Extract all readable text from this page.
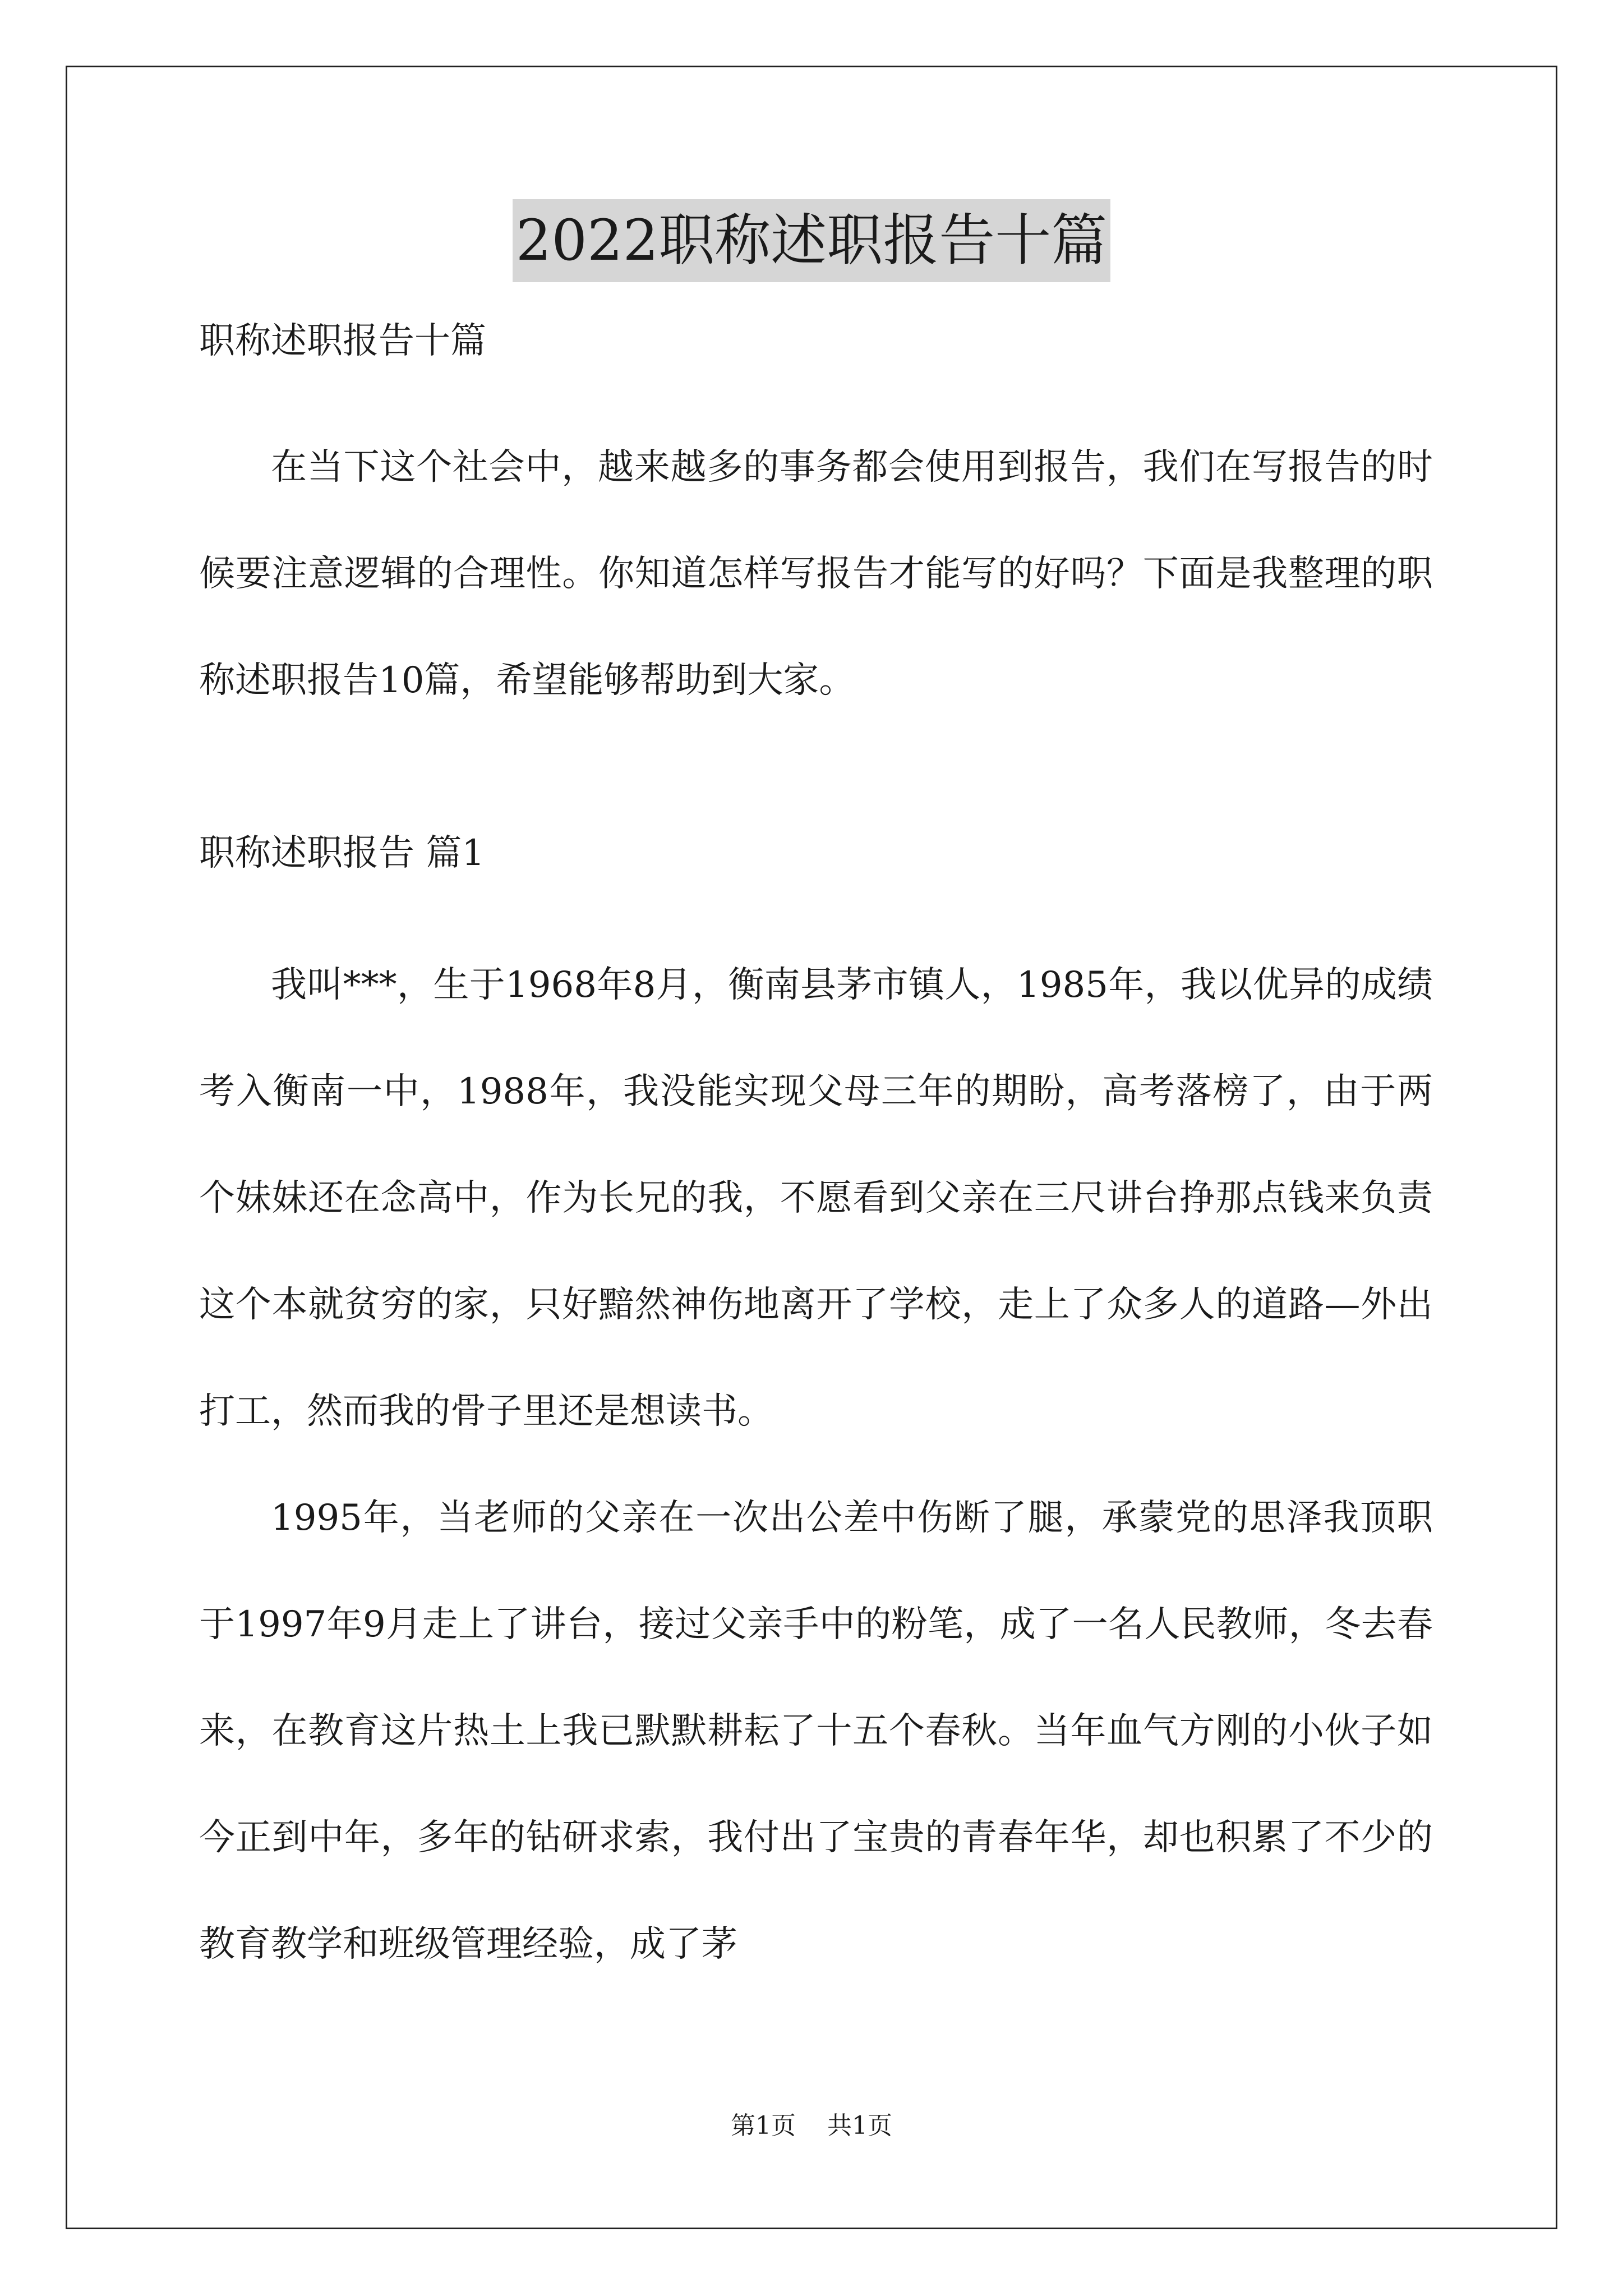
2022职称述职报告十篇

职称述职报告十篇

在当下这个社会中，越来越多的事务都会使用到报告，我们在写报告的时候要注意逻辑的合理性。你知道怎样写报告才能写的好吗？下面是我整理的职称述职报告10篇，希望能够帮助到大家。

职称述职报告 篇1

我叫***，生于1968年8月，衡南县茅市镇人，1985年，我以优异的成绩考入衡南一中，1988年，我没能实现父母三年的期盼，高考落榜了，由于两个妹妹还在念高中，作为长兄的我，不愿看到父亲在三尺讲台挣那点钱来负责这个本就贫穷的家，只好黯然神伤地离开了学校，走上了众多人的道路—外出打工，然而我的骨子里还是想读书。

1995年，当老师的父亲在一次出公差中伤断了腿，承蒙党的思泽我顶职于1997年9月走上了讲台，接过父亲手中的粉笔，成了一名人民教师，冬去春来，在教育这片热土上我已默默耕耘了十五个春秋。当年血气方刚的小伙子如今正到中年，多年的钻研求索，我付出了宝贵的青春年华，却也积累了不少的教育教学和班级管理经验，成了茅

第1页 共1页
